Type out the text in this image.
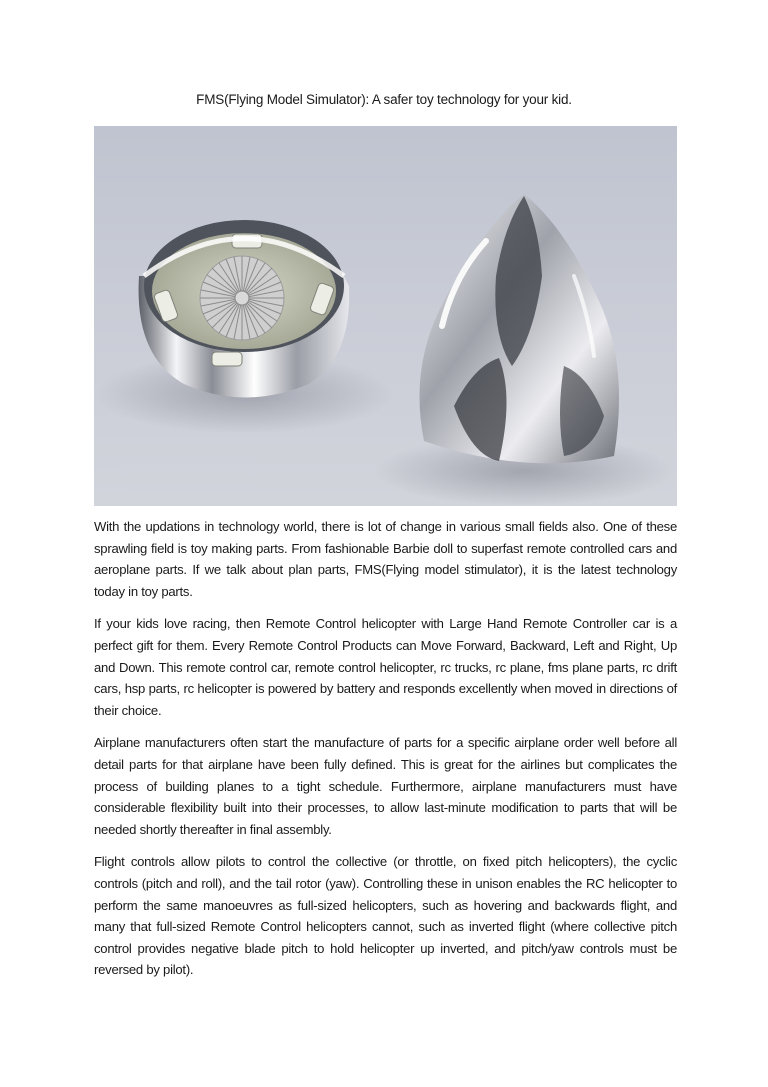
FMS(Flying Model Simulator): A safer toy technology for your kid.

With the updations in technology world, there is lot of change in various small fields also. One of these sprawling field is toy making parts. From fashionable Barbie doll to superfast remote controlled cars and aeroplane parts. If we talk about plan parts, FMS(Flying model stimulator), it is the latest technology today in toy parts.

If your kids love racing, then Remote Control helicopter with Large Hand Remote Controller car is a perfect gift for them. Every Remote Control Products can Move Forward, Backward, Left and Right, Up and Down. This remote control car, remote control helicopter, rc trucks, rc plane, fms plane parts, rc drift cars, hsp parts, rc helicopter is powered by battery and responds excellently when moved in directions of their choice.

Airplane manufacturers often start the manufacture of parts for a specific airplane order well before all detail parts for that airplane have been fully defined. This is great for the airlines but complicates the process of building planes to a tight schedule. Furthermore, airplane manufacturers must have considerable flexibility built into their processes, to allow last-minute modification to parts that will be needed shortly thereafter in final assembly.

Flight controls allow pilots to control the collective (or throttle, on fixed pitch helicopters), the cyclic controls (pitch and roll), and the tail rotor (yaw). Controlling these in unison enables the RC helicopter to perform the same manoeuvres as full-sized helicopters, such as hovering and backwards flight, and many that full-sized Remote Control helicopters cannot, such as inverted flight (where collective pitch control provides negative blade pitch to hold helicopter up inverted, and pitch/yaw controls must be reversed by pilot).
